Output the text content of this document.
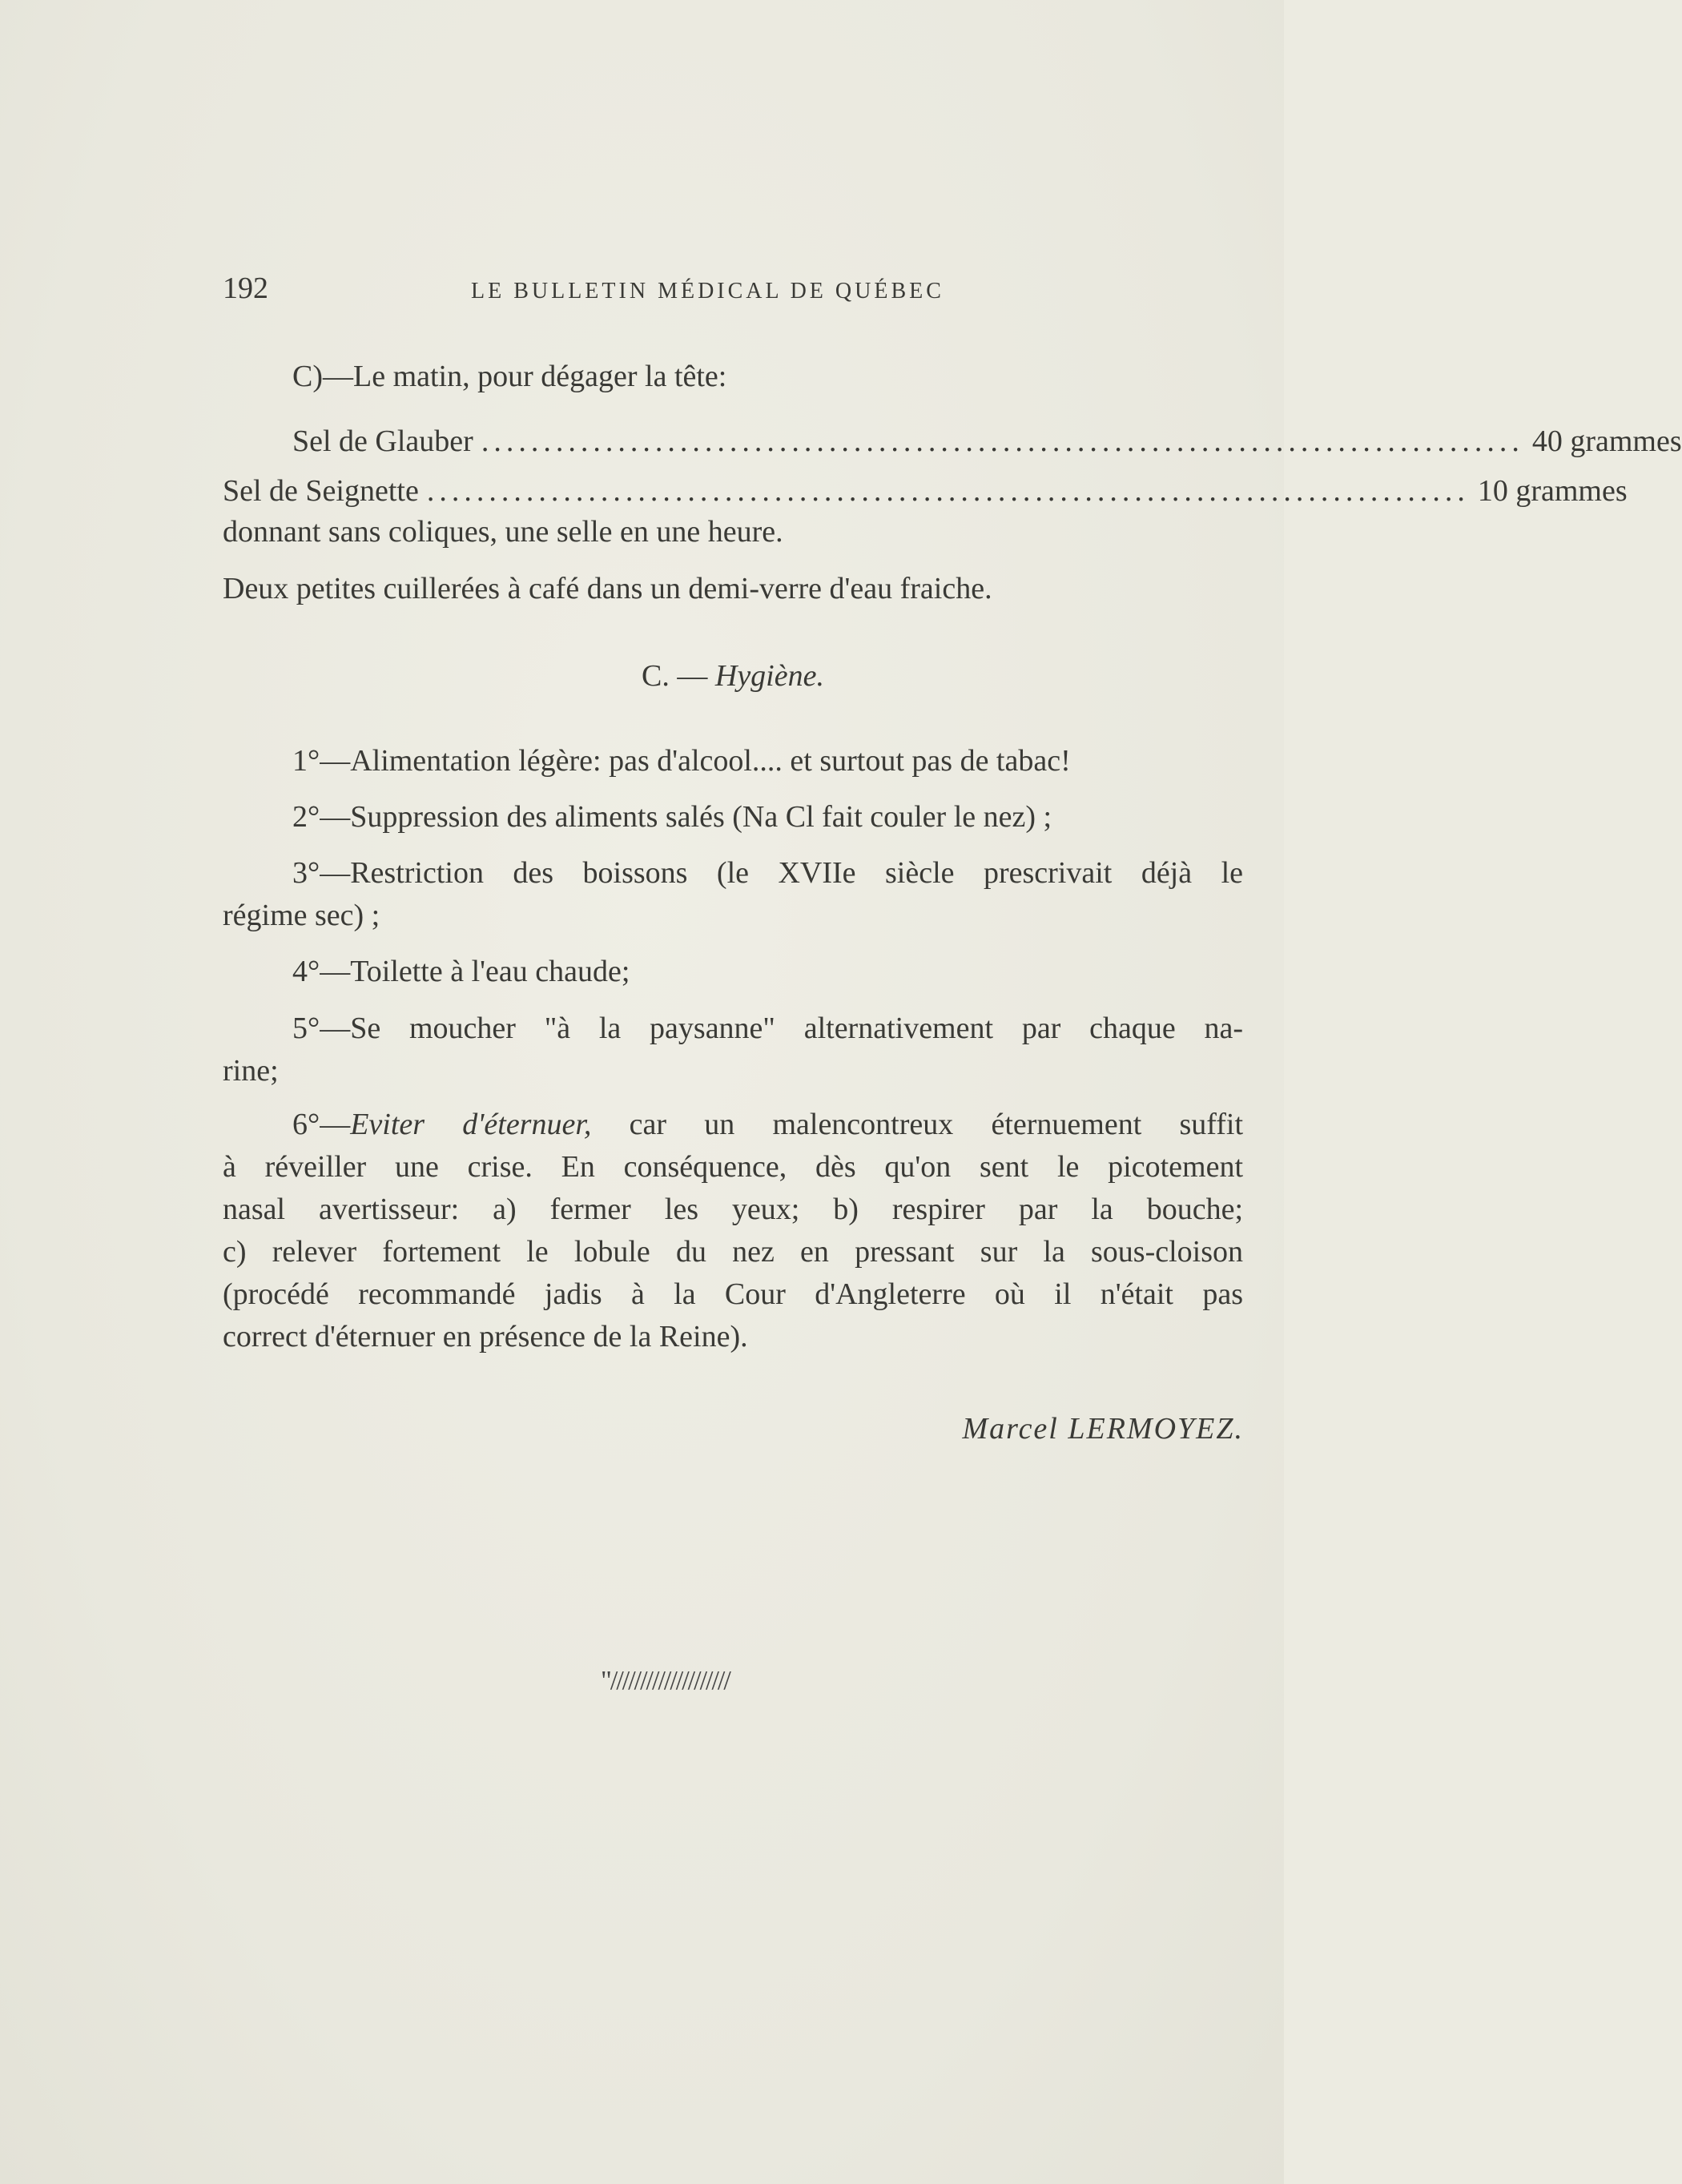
192	LE BULLETIN MÉDICAL DE QUÉBEC
C)—Le matin, pour dégager la tête:
Sel de Glauber .................................................................................... 40 grammes
Sel de Seignette .................................................................................... 10 grammes
donnant sans coliques, une selle en une heure.
Deux petites cuillerées à café dans un demi-verre d'eau fraiche.
C. — Hygiène.
1°—Alimentation légère: pas d'alcool.... et surtout pas de tabac!
2°—Suppression des aliments salés (Na Cl fait couler le nez) ;
3°—Restriction des boissons (le XVIIe siècle prescrivait déjà le
régime sec) ;
4°—Toilette à l'eau chaude;
5°—Se moucher "à la paysanne" alternativement par chaque na-
rine;
6°—Eviter d'éternuer, car un malencontreux éternuement suffit
à réveiller une crise. En conséquence, dès qu'on sent le picotement
nasal avertisseur: a) fermer les yeux; b) respirer par la bouche;
c) relever fortement le lobule du nez en pressant sur la sous-cloison
(procédé recommandé jadis à la Cour d'Angleterre où il n'était pas
correct d'éternuer en présence de la Reine).
Marcel LERMOYEZ.
"////////////////////
